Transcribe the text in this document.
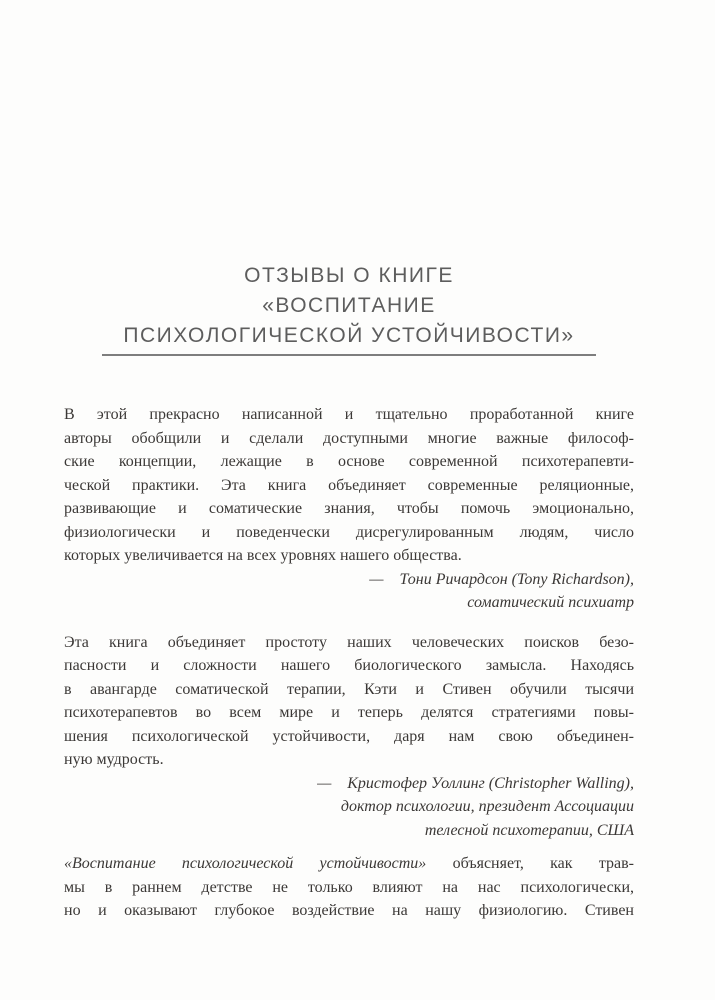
ОТЗЫВЫ О КНИГЕ
«ВОСПИТАНИЕ
ПСИХОЛОГИЧЕСКОЙ УСТОЙЧИВОСТИ»
В этой прекрасно написанной и тщательно проработанной книге
авторы обобщили и сделали доступными многие важные философ-
ские концепции, лежащие в основе современной психотерапевти-
ческой практики. Эта книга объединяет современные реляционные,
развивающие и соматические знания, чтобы помочь эмоционально,
физиологически и поведенчески дисрегулированным людям, число
которых увеличивается на всех уровнях нашего общества.
— Тони Ричардсон (Tony Richardson),
соматический психиатр
Эта книга объединяет простоту наших человеческих поисков безо-
пасности и сложности нашего биологического замысла. Находясь
в авангарде соматической терапии, Кэти и Стивен обучили тысячи
психотерапевтов во всем мире и теперь делятся стратегиями повы-
шения психологической устойчивости, даря нам свою объединен-
ную мудрость.
— Кристофер Уоллинг (Christopher Walling),
доктор психологии, президент Ассоциации
телесной психотерапии, США
«Воспитание психологической устойчивости» объясняет, как трав-
мы в раннем детстве не только влияют на нас психологически,
но и оказывают глубокое воздействие на нашу физиологию. Стивен
